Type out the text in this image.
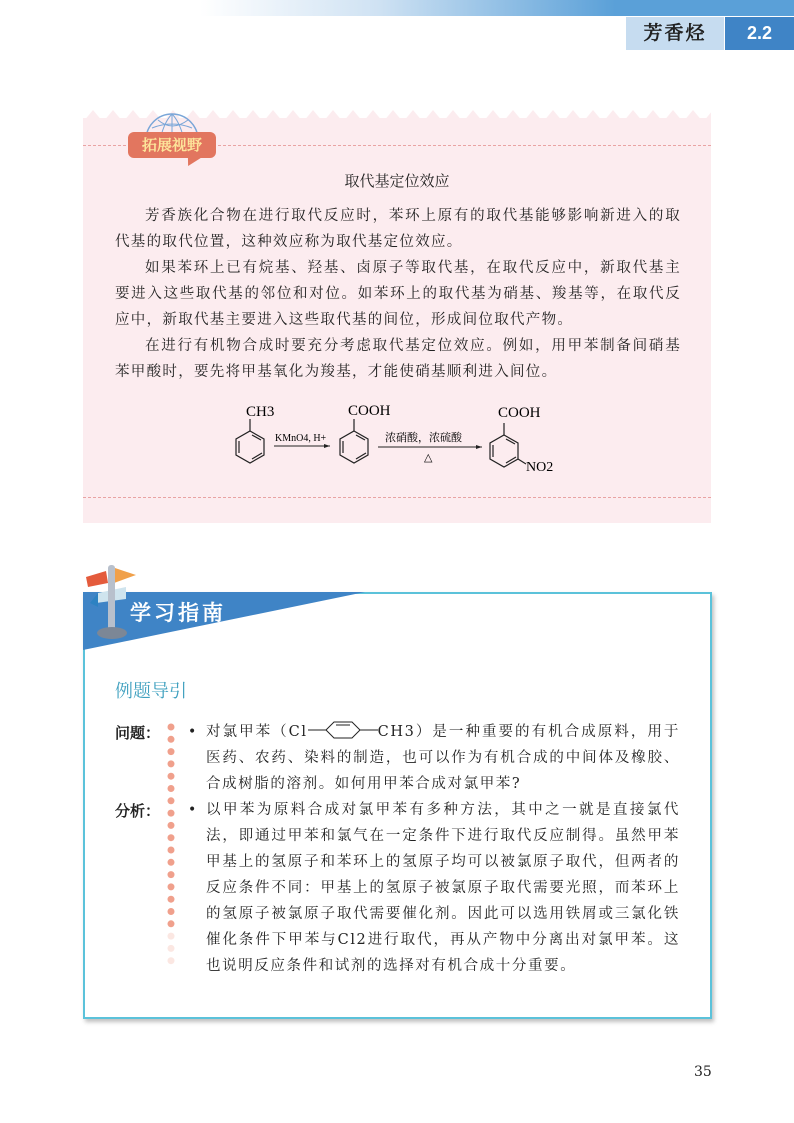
芳香烃	2.2
拓展视野
取代基定位效应
芳香族化合物在进行取代反应时，苯环上原有的取代基能够影响新进入的取代基的取代位置，这种效应称为取代基定位效应。
如果苯环上已有烷基、羟基、卤原子等取代基，在取代反应中，新取代基主要进入这些取代基的邻位和对位。如苯环上的取代基为硝基、羧基等，在取代反应中，新取代基主要进入这些取代基的间位，形成间位取代产物。
在进行有机物合成时要充分考虑取代基定位效应。例如，用甲苯制备间硝基苯甲酸时，要先将甲基氧化为羧基，才能使硝基顺利进入间位。
CH3
KMnO4, H+
COOH
浓硝酸，浓硫酸
△
COOH
NO2
学习指南
例题导引
问题：
分析：
•
•
对氯甲苯（Cl	CH3）是一种重要的有机合成原料，用于医药、农药、染料的制造，也可以作为有机合成的中间体及橡胶、合成树脂的溶剂。如何用甲苯合成对氯甲苯?
以甲苯为原料合成对氯甲苯有多种方法，其中之一就是直接氯代法，即通过甲苯和氯气在一定条件下进行取代反应制得。虽然甲苯甲基上的氢原子和苯环上的氢原子均可以被氯原子取代，但两者的反应条件不同：甲基上的氢原子被氯原子取代需要光照，而苯环上的氢原子被氯原子取代需要催化剂。因此可以选用铁屑或三氯化铁催化条件下甲苯与Cl2进行取代，再从产物中分离出对氯甲苯。这也说明反应条件和试剂的选择对有机合成十分重要。
35
